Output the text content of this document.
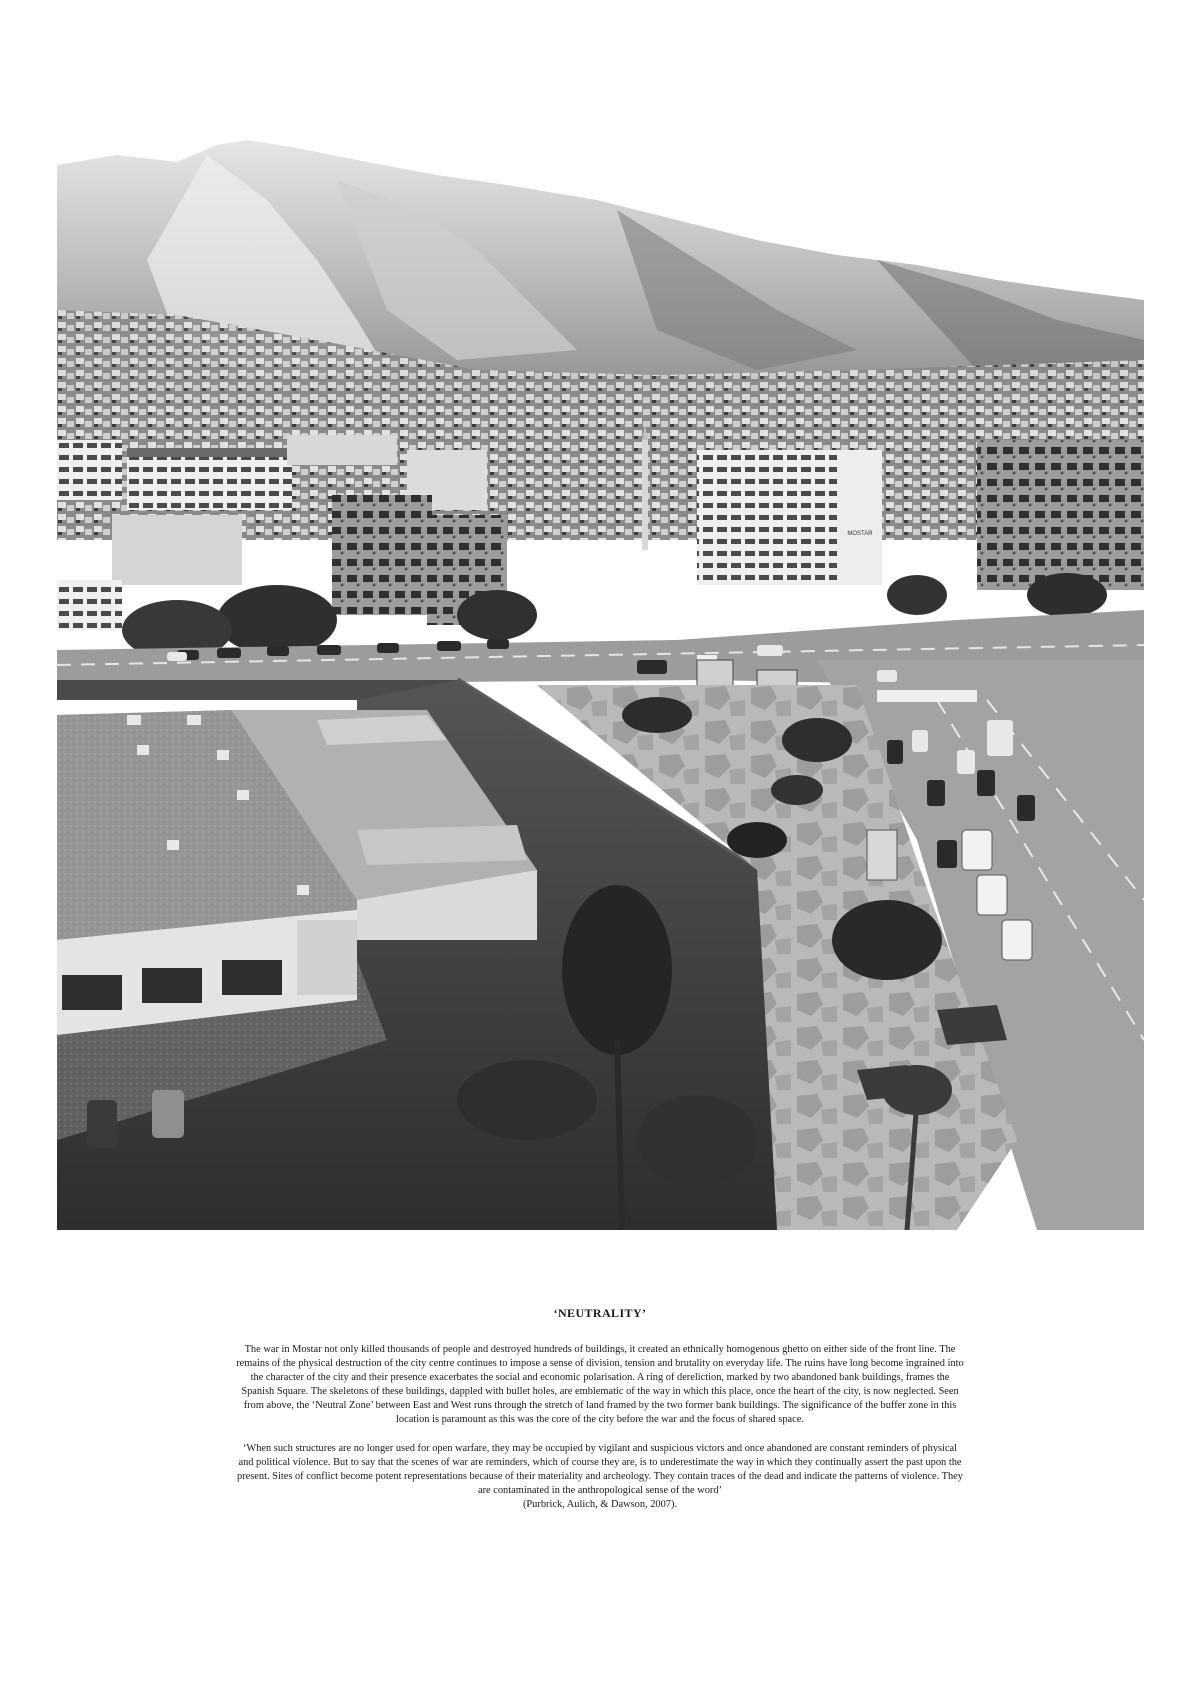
MOSTAR

‘NEUTRALITY’

The war in Mostar not only killed thousands of people and destroyed hundreds of buildings, it created an ethnically homogenous ghetto on either side of the front line. The remains of the physical destruction of the city centre continues to impose a sense of division, tension and brutality on everyday life. The ruins have long become ingrained into the character of the city and their presence exacerbates the social and economic polarisation. A ring of dereliction, marked by two abandoned bank buildings, frames the Spanish Square. The skeletons of these buildings, dappled with bullet holes, are emblematic of the way in which this place, once the heart of the city, is now neglected. Seen from above, the ‘Neutral Zone’ between East and West runs through the stretch of land framed by the two former bank buildings. The significance of the buffer zone in this location is paramount as this was the core of the city before the war and the focus of shared space.

‘When such structures are no longer used for open warfare, they may be occupied by vigilant and suspicious victors and once abandoned are constant reminders of physical and political violence. But to say that the scenes of war are reminders, which of course they are, is to underestimate the way in which they continually assert the past upon the present. Sites of conflict become potent representations because of their materiality and archeology. They contain traces of the dead and indicate the patterns of violence. They are contaminated in the anthropological sense of the word’

(Purbrick, Aulich, & Dawson, 2007).
